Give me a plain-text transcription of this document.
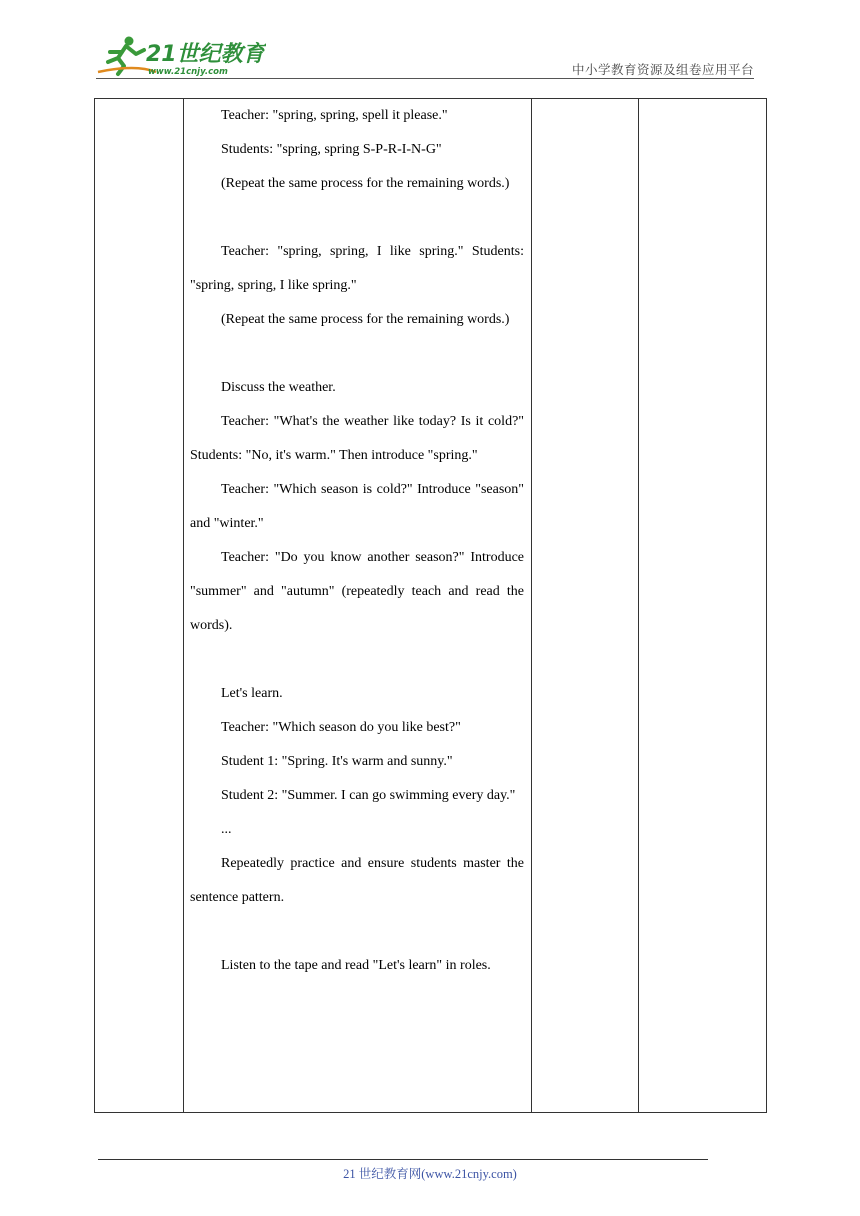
21世纪教育
www.21cnjy.com	中小学教育资源及组卷应用平台

Teacher: "spring, spring, spell it please."

Students: "spring, spring S-P-R-I-N-G"

(Repeat the same process for the remaining words.)

Teacher: "spring, spring, I like spring." Students: "spring, spring, I like spring."

(Repeat the same process for the remaining words.)

Discuss the weather.

Teacher: "What's the weather like today? Is it cold?" Students: "No, it's warm." Then introduce "spring."

Teacher: "Which season is cold?" Introduce "season" and "winter."

Teacher: "Do you know another season?" Introduce "summer" and "autumn" (repeatedly teach and read the words).

Let's learn.

Teacher: "Which season do you like best?"

Student 1: "Spring. It's warm and sunny."

Student 2: "Summer. I can go swimming every day."

...

Repeatedly practice and ensure students master the sentence pattern.

Listen to the tape and read "Let's learn" in roles.

21 世纪教育网(www.21cnjy.com)
